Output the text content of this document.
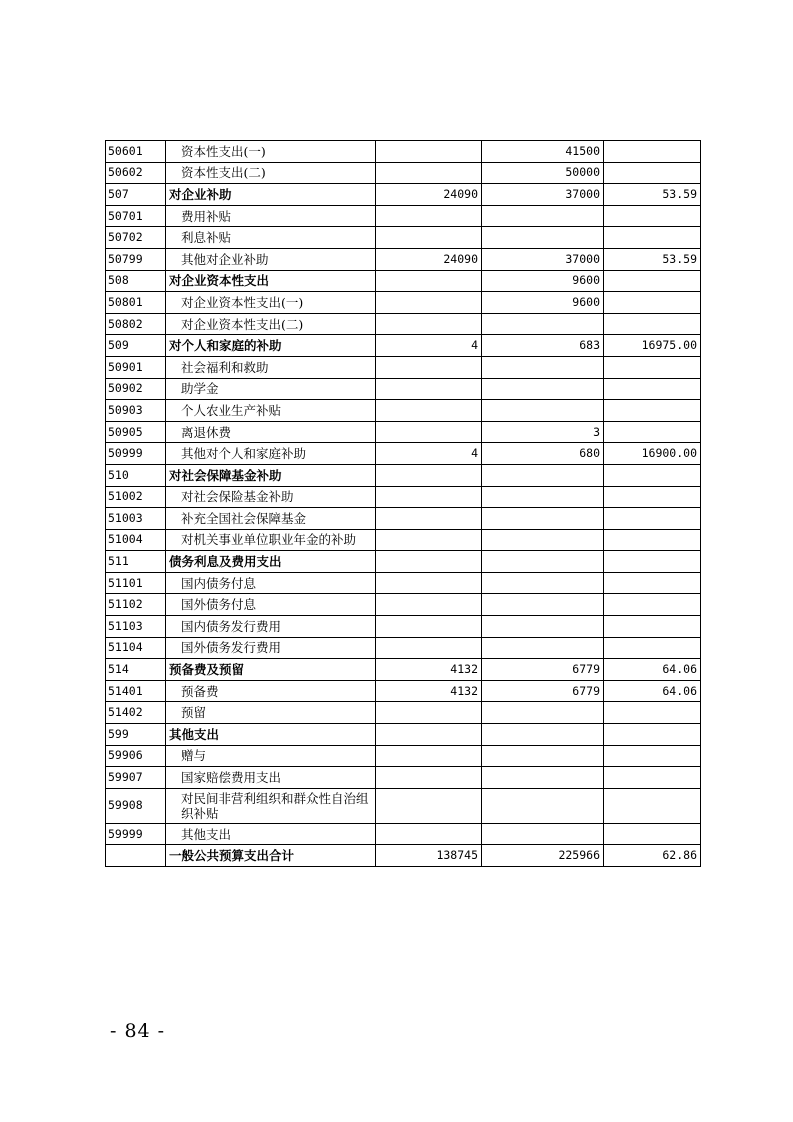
50601	资本性支出(一)		41500	
50602	资本性支出(二)		50000	
507	对企业补助	24090	37000	53.59
50701	费用补贴			
50702	利息补贴			
50799	其他对企业补助	24090	37000	53.59
508	对企业资本性支出		9600	
50801	对企业资本性支出(一)		9600	
50802	对企业资本性支出(二)			
509	对个人和家庭的补助	4	683	16975.00
50901	社会福利和救助			
50902	助学金			
50903	个人农业生产补贴			
50905	离退休费		3	
50999	其他对个人和家庭补助	4	680	16900.00
510	对社会保障基金补助			
51002	对社会保险基金补助			
51003	补充全国社会保障基金			
51004	对机关事业单位职业年金的补助			
511	债务利息及费用支出			
51101	国内债务付息			
51102	国外债务付息			
51103	国内债务发行费用			
51104	国外债务发行费用			
514	预备费及预留	4132	6779	64.06
51401	预备费	4132	6779	64.06
51402	预留			
599	其他支出			
59906	赠与			
59907	国家赔偿费用支出			
59908	对民间非营利组织和群众性自治组织补贴			
59999	其他支出			
	一般公共预算支出合计	138745	225966	62.86
- 84 -
